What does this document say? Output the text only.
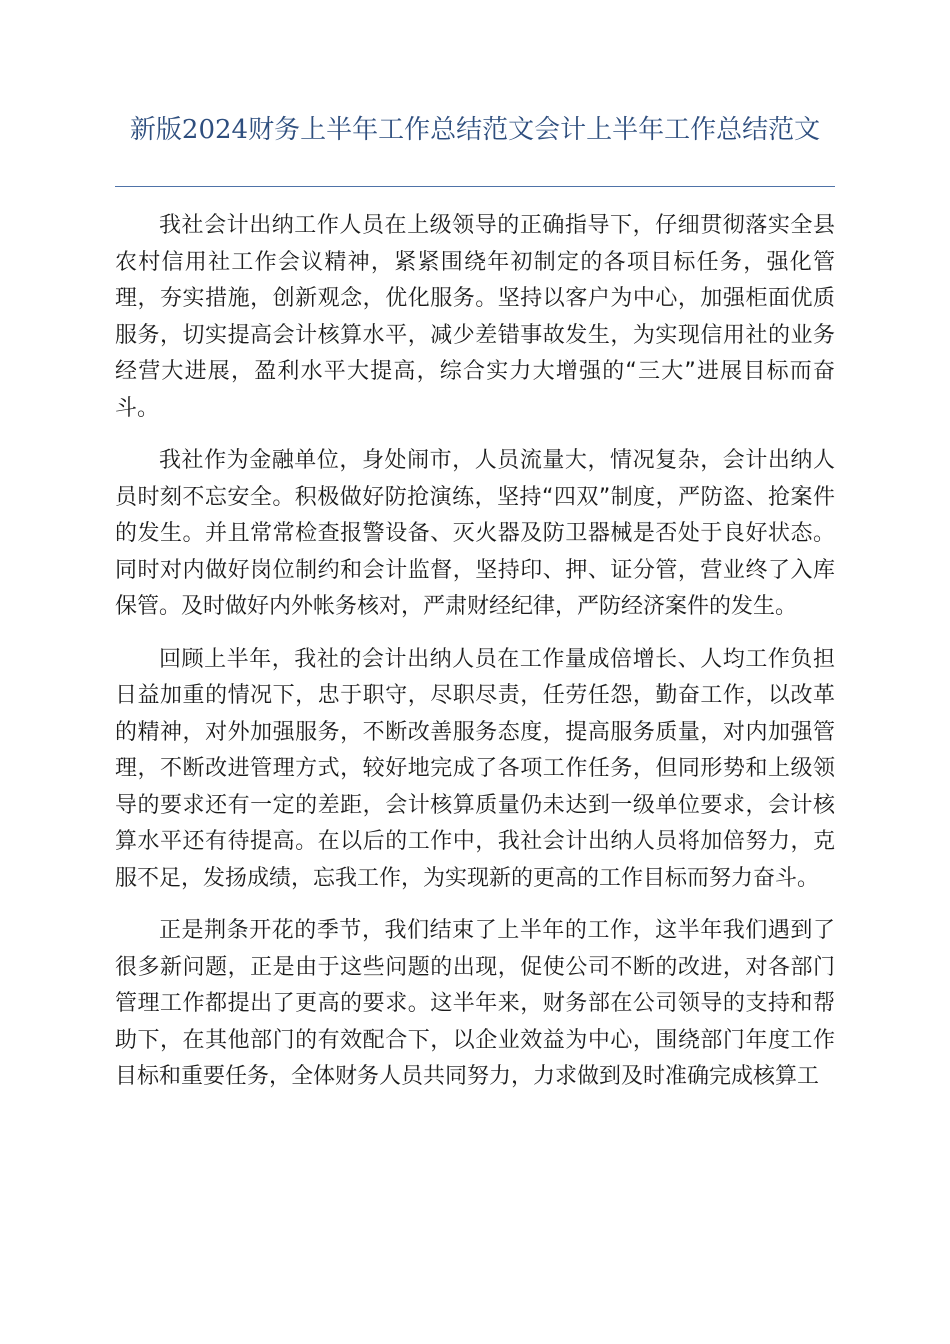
新版2024财务上半年工作总结范文会计上半年工作总结范文

我社会计出纳工作人员在上级领导的正确指导下，仔细贯彻落实全县农村信用社工作会议精神，紧紧围绕年初制定的各项目标任务，强化管理，夯实措施，创新观念，优化服务。坚持以客户为中心，加强柜面优质服务，切实提高会计核算水平，减少差错事故发生，为实现信用社的业务经营大进展，盈利水平大提高，综合实力大增强的“三大”进展目标而奋斗。

我社作为金融单位，身处闹市，人员流量大，情况复杂，会计出纳人员时刻不忘安全。积极做好防抢演练，坚持“四双”制度，严防盗、抢案件的发生。并且常常检查报警设备、灭火器及防卫器械是否处于良好状态。同时对内做好岗位制约和会计监督，坚持印、押、证分管，营业终了入库保管。及时做好内外帐务核对，严肃财经纪律，严防经济案件的发生。

回顾上半年，我社的会计出纳人员在工作量成倍增长、人均工作负担日益加重的情况下，忠于职守，尽职尽责，任劳任怨，勤奋工作，以改革的精神，对外加强服务，不断改善服务态度，提高服务质量，对内加强管理，不断改进管理方式，较好地完成了各项工作任务，但同形势和上级领导的要求还有一定的差距，会计核算质量仍未达到一级单位要求，会计核算水平还有待提高。在以后的工作中，我社会计出纳人员将加倍努力，克服不足，发扬成绩，忘我工作，为实现新的更高的工作目标而努力奋斗。

正是荆条开花的季节，我们结束了上半年的工作，这半年我们遇到了很多新问题，正是由于这些问题的出现，促使公司不断的改进，对各部门管理工作都提出了更高的要求。这半年来，财务部在公司领导的支持和帮助下，在其他部门的有效配合下，以企业效益为中心，围绕部门年度工作目标和重要任务，全体财务人员共同努力，力求做到及时准确完成核算工
